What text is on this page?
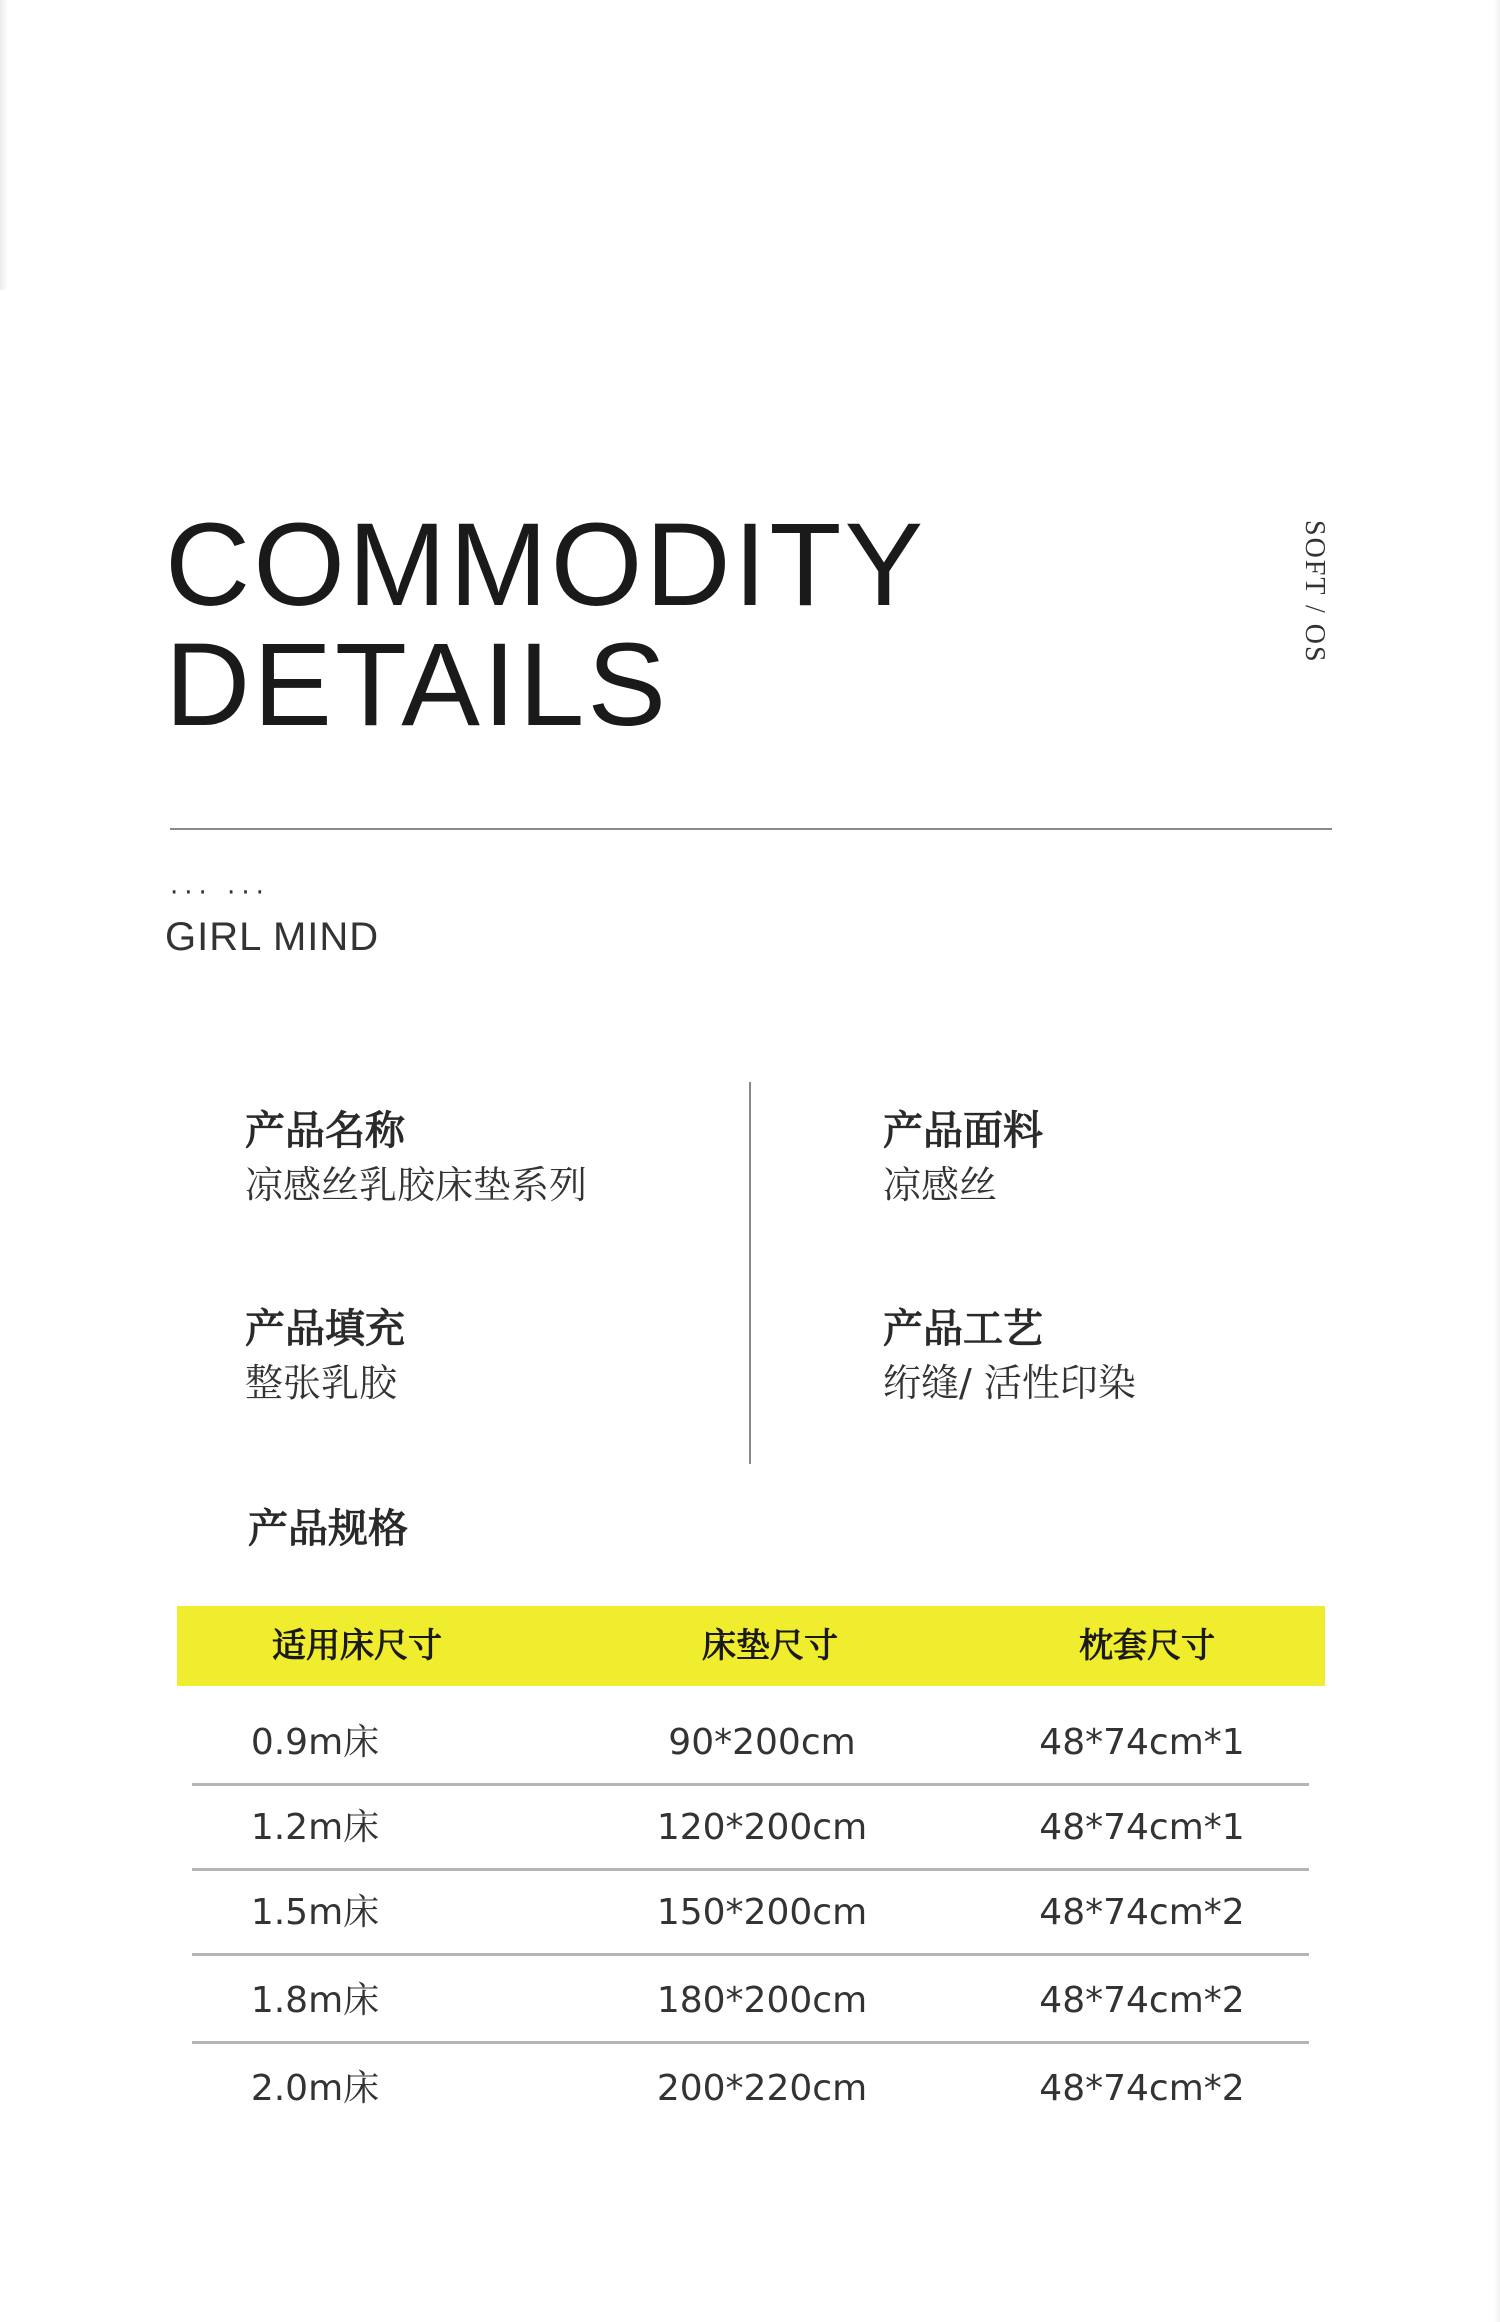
COMMODITY
DETAILS
SOFT / OS
··· ···
GIRL MIND
产品名称
凉感丝乳胶床垫系列
产品面料
凉感丝
产品填充
整张乳胶
产品工艺
绗缝/ 活性印染
产品规格
适用床尺寸	床垫尺寸	枕套尺寸
0.9m床	90*200cm	48*74cm*1
1.2m床	120*200cm	48*74cm*1
1.5m床	150*200cm	48*74cm*2
1.8m床	180*200cm	48*74cm*2
2.0m床	200*220cm	48*74cm*2
